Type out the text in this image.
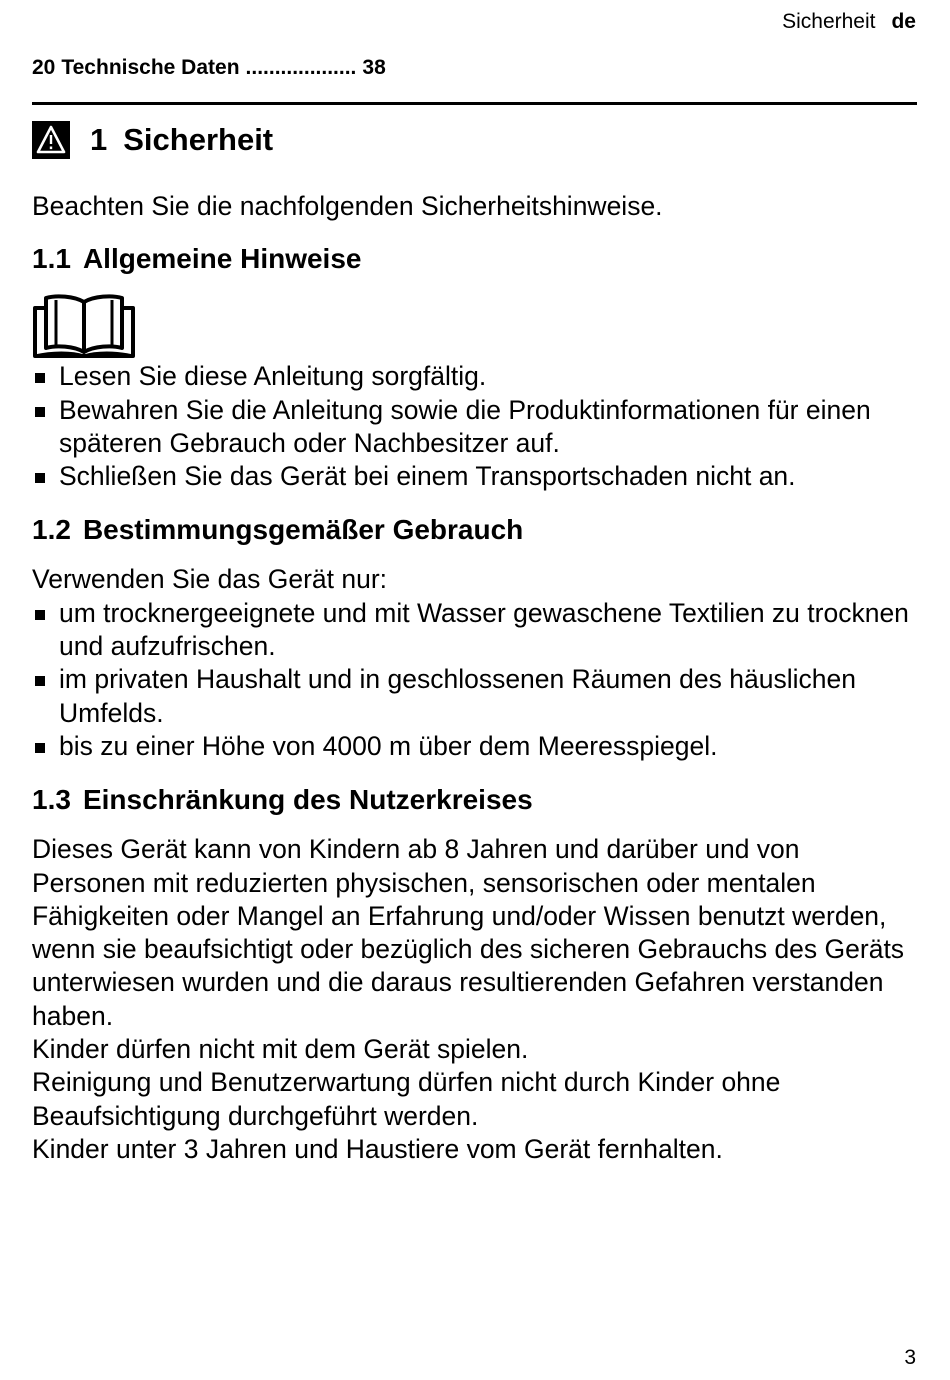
Sicherheit de
20 Technische Daten ................... 38
1 Sicherheit

Beachten Sie die nachfolgenden Sicherheitshinweise.

1.1 Allgemeine Hinweise
Lesen Sie diese Anleitung sorgfältig.
Bewahren Sie die Anleitung sowie die Produktinformationen für einen späteren Gebrauch oder Nachbesitzer auf.
Schließen Sie das Gerät bei einem Transportschaden nicht an.
1.2 Bestimmungsgemäßer Gebrauch

Verwenden Sie das Gerät nur:

um trocknergeeignete und mit Wasser gewaschene Textilien zu trocknen und aufzufrischen.
im privaten Haushalt und in geschlossenen Räumen des häuslichen Umfelds.
bis zu einer Höhe von 4000 m über dem Meeresspiegel.
1.3 Einschränkung des Nutzerkreises

Dieses Gerät kann von Kindern ab 8 Jahren und darüber und von Personen mit reduzierten physischen, sensorischen oder mentalen Fähigkeiten oder Mangel an Erfahrung und/oder Wissen benutzt werden, wenn sie beaufsichtigt oder bezüglich des sicheren Gebrauchs des Geräts unterwiesen wurden und die daraus resultierenden Gefahren verstanden haben.

Kinder dürfen nicht mit dem Gerät spielen.

Reinigung und Benutzerwartung dürfen nicht durch Kinder ohne Beaufsichtigung durchgeführt werden.

Kinder unter 3 Jahren und Haustiere vom Gerät fernhalten.

3
